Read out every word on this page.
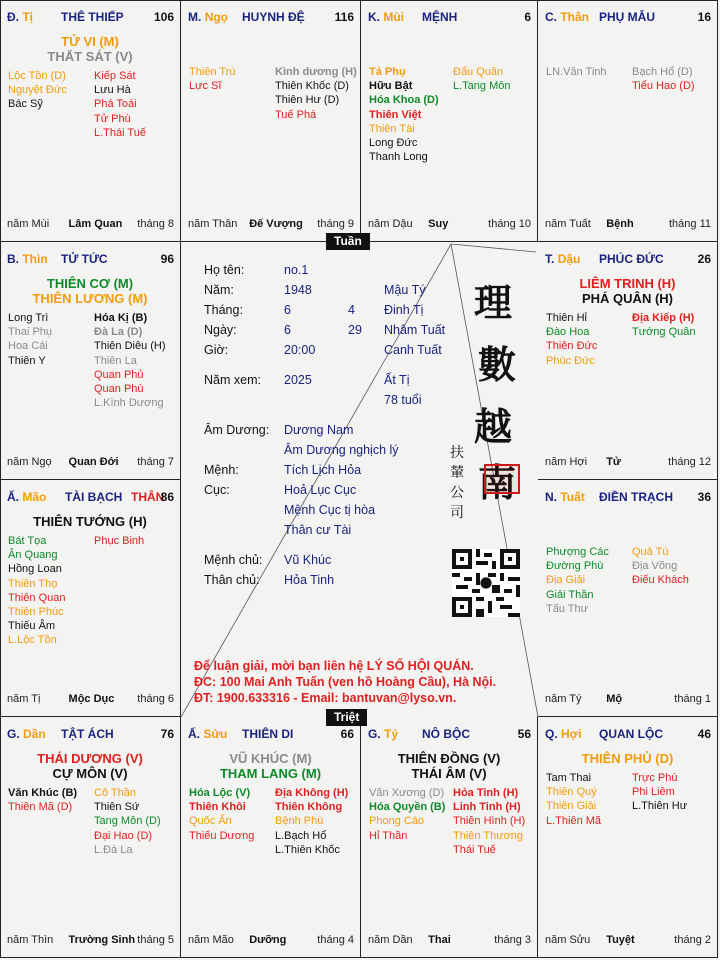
Đ. Tị THÊ THIẾP	106
TỬ VI (M)
THẤT SÁT (V)
Lộc Tồn (D)
Nguyệt Đức
Bác Sỹ
Kiếp Sát
Lưu Hà
Phá Toái
Tử Phù
L.Thái Tuế
năm Mùi Lâm Quan tháng 8
M. Ngọ HUYNH ĐỆ 116
Thiên Trù
Lực Sĩ
Kình dương (H)
Thiên Khốc (D)
Thiên Hư (D)
Tuế Phá
năm Thân Đế Vượng tháng 9
K. Mùi MỆNH	6
Tả Phụ
Hữu Bật
Hóa Khoa (D)
Thiên Việt
Thiên Tài
Long Đức
Thanh Long
Đẩu Quân
L.Tang Môn
năm Dậu Suy	tháng 10
C. Thân PHỤ MẪU	16
LN.Văn Tinh Bạch Hổ (D)
Tiểu Hao (D)
năm Tuất Bệnh	tháng 11
B. Thìn TỬ TỨC	96
THIÊN CƠ (M)
THIÊN LƯƠNG (M)
Long Trì
Thai Phụ
Hoa Cái
Thiên Y
Hóa Kị (B)
Đà La (D)
Thiên Diêu (H)
Thiên La
Quan Phủ
Quan Phù
L.Kình Dương
năm Ngọ Quan Đới tháng 7
T. Dậu PHÚC ĐỨC	26
LIÊM TRINH (H)
PHÁ QUÂN (H)
Thiên Hỉ
Đào Hoa
Thiên Đức
Phúc Đức
Địa Kiếp (H)
Tướng Quân
năm Hợi Tử	tháng 12
Ấ. Mão TÀI BẠCH THÂN
86
THIÊN TƯỚNG (H)
Bát Tọa
Ân Quang
Hồng Loan
Thiên Thọ
Thiên Quan
Thiên Phúc
Thiếu Âm
L.Lộc Tồn
Phục Binh
năm Tị	Mộc Dục tháng 6
N. Tuất ĐIỀN TRẠCH 36
Phượng Các
Đường Phù
Địa Giải
Giải Thần
Tấu Thư
Quả Tú
Địa Võng
Điếu Khách
năm Tý Mộ	tháng 1
G. Dần TẬT ÁCH	76
THÁI DƯƠNG (V)
CỰ MÔN (V)
Văn Khúc (B)
Thiên Mã (D)
Cô Thần
Thiên Sứ
Tang Môn (D)
Đại Hao (D)
L.Đà La
năm Thìn Trường Sinh tháng 5
Ấ. Sửu THIÊN DI	66
VŨ KHÚC (M)
THAM LANG (M)
Hóa Lộc (V)
Thiên Khôi
Quốc Ấn
Thiếu Dương
Địa Không (H)
Thiên Không
Bệnh Phù
L.Bạch Hổ
L.Thiên Khốc
năm Mão Dưỡng	tháng 4
G. Tý NÔ BỘC	56
THIÊN ĐỒNG (V)
THÁI ÂM (V)
Văn Xương (D)
Hóa Quyền (B)
Phong Cáo
Hỉ Thần
Hỏa Tinh (H)
Linh Tinh (H)
Thiên Hình (H)
Thiên Thương
Thái Tuế
năm Dần Thai	tháng 3
Q. Hợi QUAN LỘC	46
THIÊN PHỦ (D)
Tam Thai
Thiên Quý
Thiên Giải
L.Thiên Mã
Trực Phù
Phi Liêm
L.Thiên Hư
năm Sửu Tuyệt	tháng 2
Tuần
Triệt
Họ tên:	no.1
Năm:	1948	Mậu Tý
Tháng:	6	4 Đinh Tị
Ngày:	6	29 Nhâm Tuất
Giờ:	20:00	Canh Tuất
Năm xem: 2025	Ất Tị
78 tuổi
Âm Dương: Dương Nam
Âm Dương nghịch lý
Mệnh:	Tích Lịch Hỏa
Cục:	Hoả Lục Cục
Mệnh Cục tị hòa
Thân cư Tài
Mệnh chủ: Vũ Khúc
Thân chủ: Hỏa Tinh
理
數
越
南
扶
輦
公
司
Để luận giải, mời bạn liên hệ LÝ SỐ HỘI QUÁN.
ĐC: 100 Mai Anh Tuấn (ven hồ Hoàng Cầu), Hà Nội.
ĐT: 1900.633316 - Email: bantuvan@lyso.vn.
